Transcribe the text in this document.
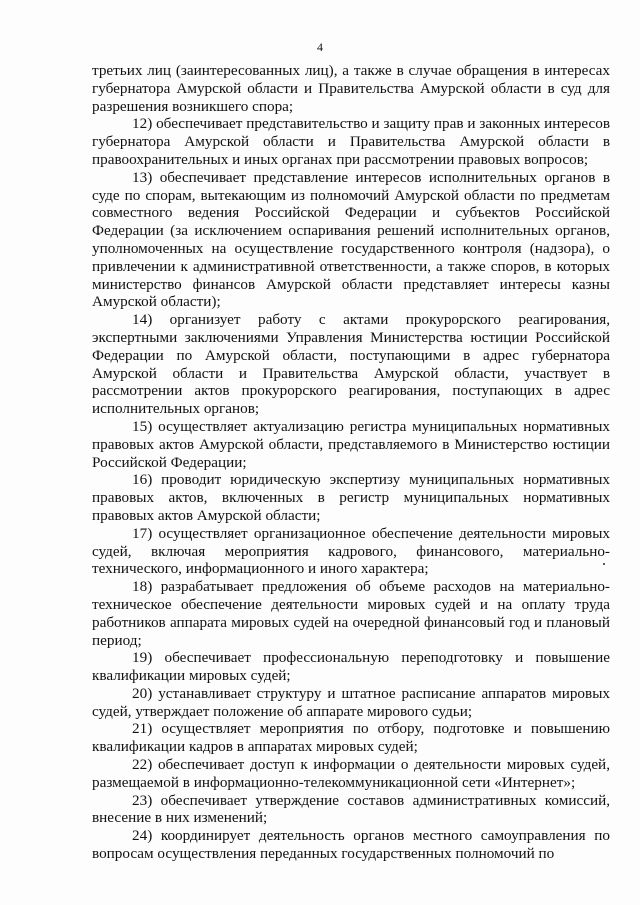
4

третьих лиц (заинтересованных лиц), а также в случае обращения в интересах губернатора Амурской области и Правительства Амурской области в суд для разрешения возникшего спора;

12) обеспечивает представительство и защиту прав и законных интересов губернатора Амурской области и Правительства Амурской области в правоохранительных и иных органах при рассмотрении правовых вопросов;

13) обеспечивает представление интересов исполнительных органов в суде по спорам, вытекающим из полномочий Амурской области по предметам совместного ведения Российской Федерации и субъектов Российской Федерации (за исключением оспаривания решений исполнительных органов, уполномоченных на осуществление государственного контроля (надзора), о привлечении к административной ответственности, а также споров, в которых министерство финансов Амурской области представляет интересы казны Амурской области);

14) организует работу с актами прокурорского реагирования, экспертными заключениями Управления Министерства юстиции Российской Федерации по Амурской области, поступающими в адрес губернатора Амурской области и Правительства Амурской области, участвует в рассмотрении актов прокурорского реагирования, поступающих в адрес исполнительных органов;

15) осуществляет актуализацию регистра муниципальных нормативных правовых актов Амурской области, представляемого в Министерство юстиции Российской Федерации;

16) проводит юридическую экспертизу муниципальных нормативных правовых актов, включенных в регистр муниципальных нормативных правовых актов Амурской области;

17) осуществляет организационное обеспечение деятельности мировых судей, включая мероприятия кадрового, финансового, материально-технического, информационного и иного характера;

18) разрабатывает предложения об объеме расходов на материально-техническое обеспечение деятельности мировых судей и на оплату труда работников аппарата мировых судей на очередной финансовый год и плановый период;

19) обеспечивает профессиональную переподготовку и повышение квалификации мировых судей;

20) устанавливает структуру и штатное расписание аппаратов мировых судей, утверждает положение об аппарате мирового судьи;

21) осуществляет мероприятия по отбору, подготовке и повышению квалификации кадров в аппаратах мировых судей;

22) обеспечивает доступ к информации о деятельности мировых судей, размещаемой в информационно-телекоммуникационной сети «Интернет»;

23) обеспечивает утверждение составов административных комиссий, внесение в них изменений;

24) координирует деятельность органов местного самоуправления по вопросам осуществления переданных государственных полномочий по
